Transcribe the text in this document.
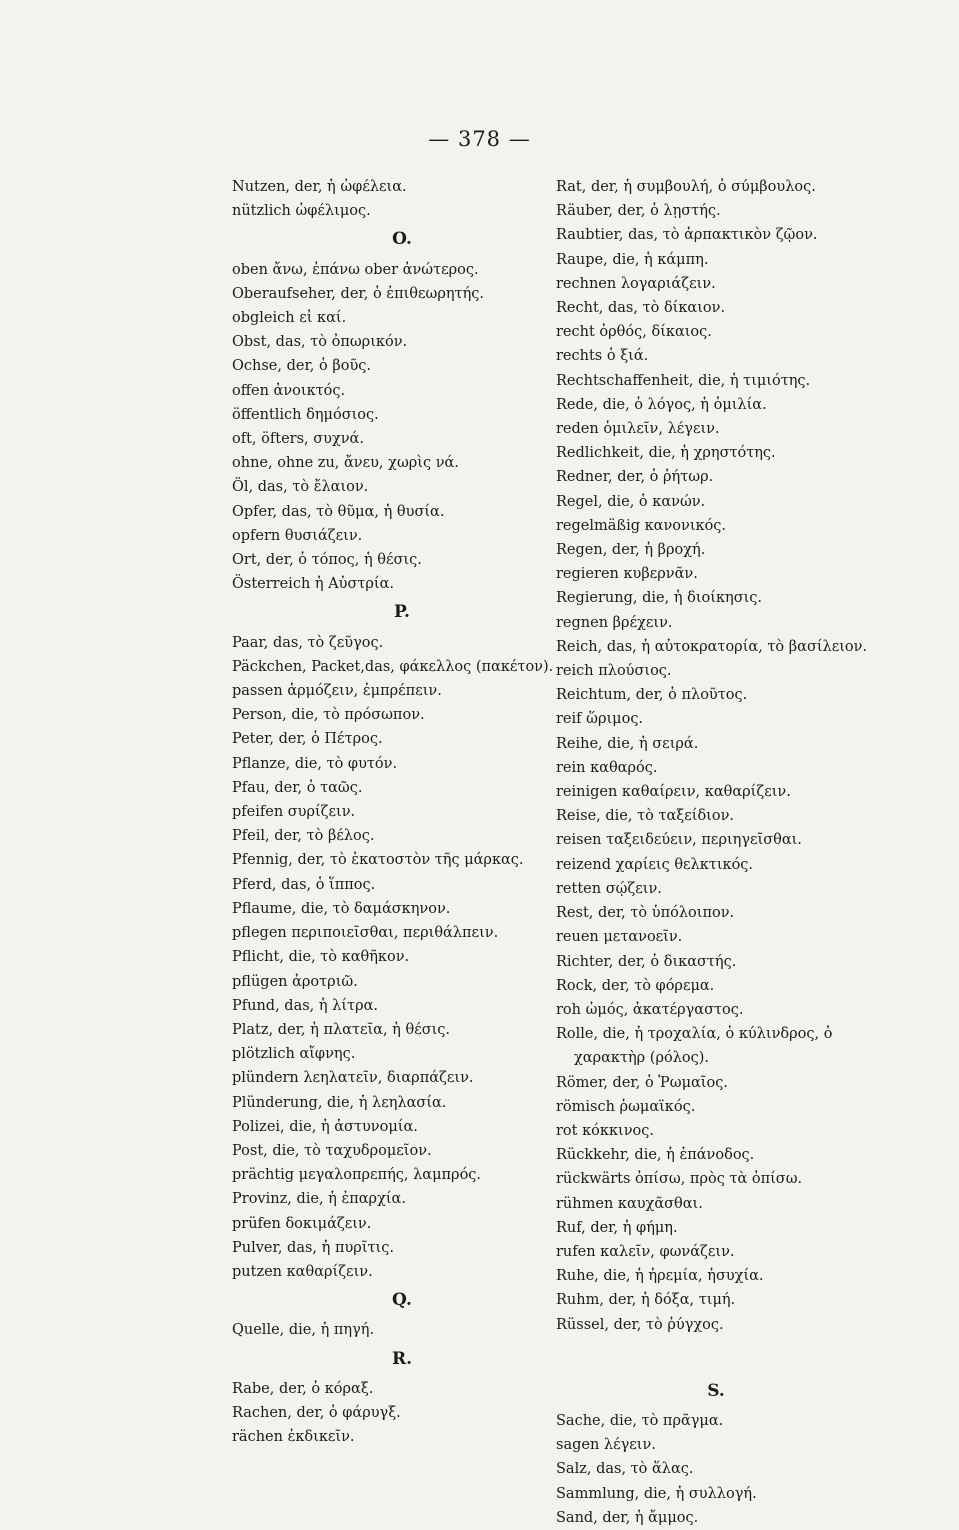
— 378 —
Nutzen, der, ἡ ὠφέλεια.
nützlich ὠφέλιμος.
O.
oben ἄνω, ἐπάνω ober ἀνώτερος.
Oberaufseher, der, ὁ ἐπιθεωρητής.
obgleich εἰ καί.
Obst, das, τὸ ὀπωρικόν.
Ochse, der, ὁ βοῦς.
offen ἀνοικτός.
öffentlich δημόσιος.
oft, öfters, συχνά.
ohne, ohne zu, ἄνευ, χωρὶς νά.
Öl, das, τὸ ἔλαιον.
Opfer, das, τὸ θῦμα, ἡ θυσία.
opfern θυσιάζειν.
Ort, der, ὁ τόπος, ἡ θέσις.
Österreich ἡ Αὐστρία.
P.
Paar, das, τὸ ζεῦγος.
Päckchen, Packet,das, φάκελλος (πακέτον).
passen ἁρμόζειν, ἐμπρέπειν.
Person, die, τὸ πρόσωπον.
Peter, der, ὁ Πέτρος.
Pflanze, die, τὸ φυτόν.
Pfau, der, ὁ ταῶς.
pfeifen συρίζειν.
Pfeil, der, τὸ βέλος.
Pfennig, der, τὸ ἑκατοστὸν τῆς μάρκας.
Pferd, das, ὁ ἵππος.
Pflaume, die, τὸ δαμάσκηνον.
pflegen περιποιεῖσθαι, περιθάλπειν.
Pflicht, die, τὸ καθῆκον.
pflügen ἀροτριῶ.
Pfund, das, ἡ λίτρα.
Platz, der, ἡ πλατεῖα, ἡ θέσις.
plötzlich αἴφνης.
plündern λεηλατεῖν, διαρπάζειν.
Plünderung, die, ἡ λεηλασία.
Polizei, die, ἡ ἀστυνομία.
Post, die, τὸ ταχυδρομεῖον.
prächtig μεγαλοπρεπής, λαμπρός.
Provinz, die, ἡ ἐπαρχία.
prüfen δοκιμάζειν.
Pulver, das, ἡ πυρῖτις.
putzen καθαρίζειν.
Q.
Quelle, die, ἡ πηγή.
R.
Rabe, der, ὁ κόραξ.
Rachen, der, ὁ φάρυγξ.
rächen ἐκδικεῖν.
Rat, der, ἡ συμβουλή, ὁ σύμβουλος.
Räuber, der, ὁ λῃστής.
Raubtier, das, τὸ ἁρπακτικὸν ζῷον.
Raupe, die, ἡ κάμπη.
rechnen λογαριάζειν.
Recht, das, τὸ δίκαιον.
recht ὀρθός, δίκαιος.
rechts ὁ ξιά.
Rechtschaffenheit, die, ἡ τιμιότης.
Rede, die, ὁ λόγος, ἡ ὁμιλία.
reden ὁμιλεῖν, λέγειν.
Redlichkeit, die, ἡ χρηστότης.
Redner, der, ὁ ῥήτωρ.
Regel, die, ὁ κανών.
regelmäßig κανονικός.
Regen, der, ἡ βροχή.
regieren κυβερνᾶν.
Regierung, die, ἡ διοίκησις.
regnen βρέχειν.
Reich, das, ἡ αὐτοκρατορία, τὸ βασίλειον.
reich πλούσιος.
Reichtum, der, ὁ πλοῦτος.
reif ὥριμος.
Reihe, die, ἡ σειρά.
rein καθαρός.
reinigen καθαίρειν, καθαρίζειν.
Reise, die, τὸ ταξείδιον.
reisen ταξειδεύειν, περιηγεῖσθαι.
reizend χαρίεις θελκτικός.
retten σῴζειν.
Rest, der, τὸ ὑπόλοιπον.
reuen μετανοεῖν.
Richter, der, ὁ δικαστής.
Rock, der, τὸ φόρεμα.
roh ὠμός, ἀκατέργαστος.
Rolle, die, ἡ τροχαλία, ὁ κύλινδρος, ὁ
χαρακτὴρ (ρόλος).
Römer, der, ὁ Ῥωμαῖος.
römisch ῥωμαϊκός.
rot κόκκινος.
Rückkehr, die, ἡ ἐπάνοδος.
rückwärts ὀπίσω, πρὸς τὰ ὀπίσω.
rühmen καυχᾶσθαι.
Ruf, der, ἡ φήμη.
rufen καλεῖν, φωνάζειν.
Ruhe, die, ἡ ἠρεμία, ἡσυχία.
Ruhm, der, ἡ δόξα, τιμή.
Rüssel, der, τὸ ῥύγχος.
S.
Sache, die, τὸ πρᾶγμα.
sagen λέγειν.
Salz, das, τὸ ἅλας.
Sammlung, die, ἡ συλλογή.
Sand, der, ἡ ἄμμος.
